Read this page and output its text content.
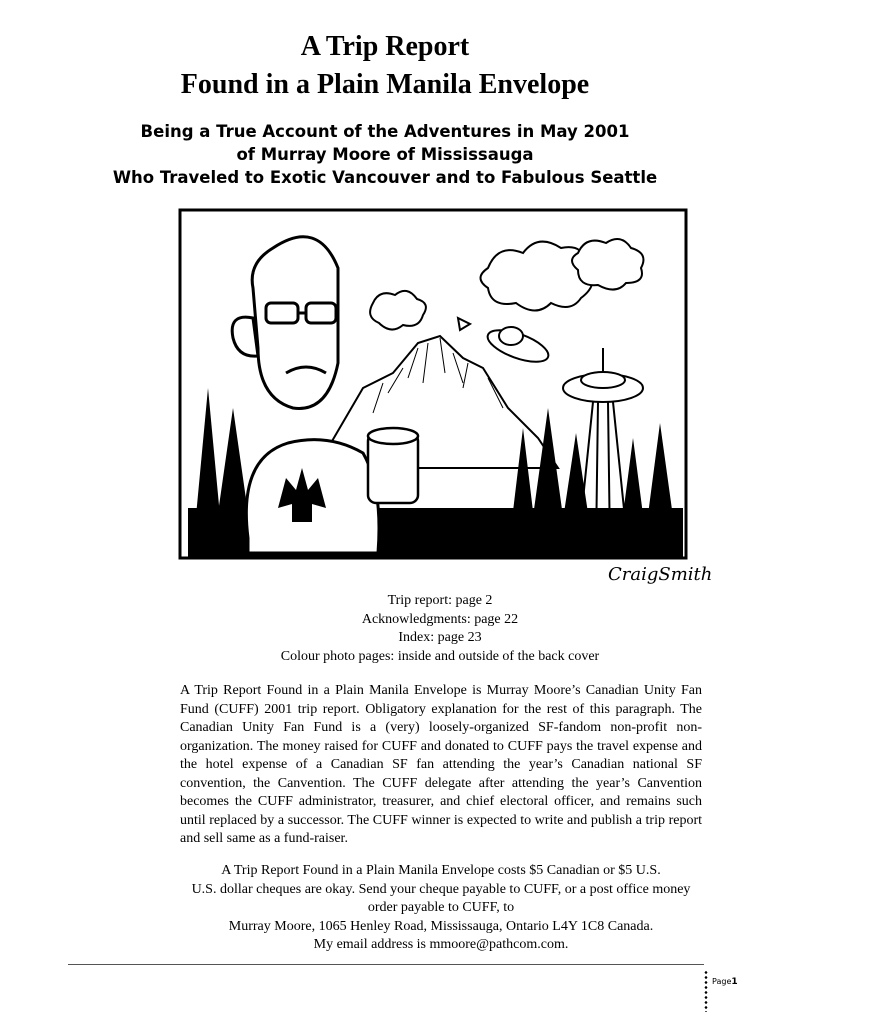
A Trip Report
Found in a Plain Manila Envelope
Being a True Account of the Adventures in May 2001
of Murray Moore of Mississauga
Who Traveled to Exotic Vancouver and to Fabulous Seattle
CraigSmith
Trip report: page 2
Acknowledgments: page 22
Index: page 23
Colour photo pages: inside and outside of the back cover
A Trip Report Found in a Plain Manila Envelope is Murray Moore’s Canadian Unity Fan Fund (CUFF) 2001 trip report. Obligatory explanation for the rest of this paragraph. The Canadian Unity Fan Fund is a (very) loosely-organized SF-fandom non-profit non-organization. The money raised for CUFF and donated to CUFF pays the travel expense and the hotel expense of a Canadian SF fan attending the year’s Canadian national SF convention, the Canvention. The CUFF delegate after attending the year’s Canvention becomes the CUFF administrator, treasurer, and chief electoral officer, and remains such until replaced by a successor. The CUFF winner is expected to write and publish a trip report and sell same as a fund-raiser.
A Trip Report Found in a Plain Manila Envelope costs $5 Canadian or $5 U.S.
U.S. dollar cheques are okay. Send your cheque payable to CUFF, or a post office money order payable to CUFF, to
Murray Moore, 1065 Henley Road, Mississauga, Ontario L4Y 1C8 Canada.
My email address is mmoore@pathcom.com.
Page1
